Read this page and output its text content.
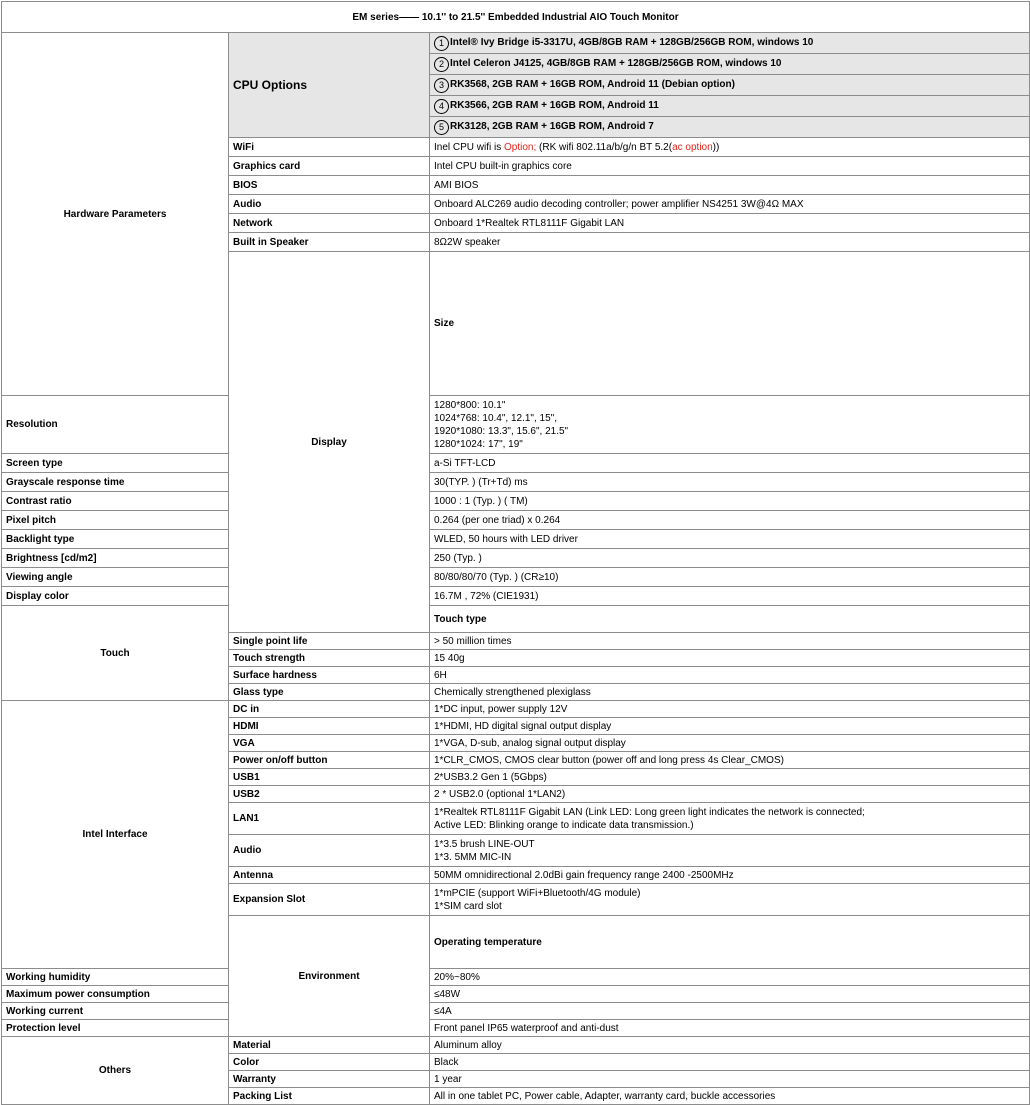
EM series—— 10.1'' to 21.5'' Embedded Industrial AIO Touch Monitor			
Hardware Parameters	CPU Options	1 Intel® Ivy Bridge i5-3317U, 4GB/8GB RAM + 128GB/256GB ROM, windows 10	
		2 Intel Celeron J4125, 4GB/8GB RAM + 128GB/256GB ROM, windows 10	
		3 RK3568, 2GB RAM + 16GB ROM, Android 11 (Debian option)	
		4 RK3566, 2GB RAM + 16GB ROM, Android 11	
		5 RK3128, 2GB RAM + 16GB ROM, Android 7	
	WiFi	Inel CPU wifi is Option; (RK wifi 802.11a/b/g/n BT 5.2(ac option))	
	Graphics card	Intel CPU built-in graphics core	
	BIOS	AMI BIOS	
	Audio	Onboard ALC269 audio decoding controller; power amplifier NS4251 3W@4Ω MAX	
	Network	Onboard 1*Realtek RTL8111F Gigabit LAN	
	Built in Speaker	8Ω2W speaker	
	Display	Size	
Resolution		1280*800: 10.1"
1024*768: 10.4", 12.1", 15",
1920*1080: 13.3", 15.6", 21.5"
1280*1024: 17", 19"	

Screen type		a-Si TFT-LCD	
Grayscale response time		30(TYP. ) (Tr+Td) ms	
Contrast ratio		1000 : 1 (Typ. ) ( TM)	
Pixel pitch		0.264 (per one triad) x 0.264	
Backlight type		WLED, 50 hours with LED driver	
Brightness [cd/m2]		250 (Typ. )	
Viewing angle		80/80/80/70 (Typ. ) (CR≥10)	
Display color		16.7M , 72% (CIE1931)	
Touch		Touch type	
	Single point life	> 50 million times	
	Touch strength	15 40g	
	Surface hardness	6H	
	Glass type	Chemically strengthened plexiglass	
Intel Interface	DC in	1*DC input, power supply 12V	
	HDMI	1*HDMI, HD digital signal output display	
	VGA	1*VGA, D-sub, analog signal output display	
	Power on/off button	1*CLR_CMOS, CMOS clear button (power off and long press 4s Clear_CMOS)	
	USB1	2*USB3.2 Gen 1 (5Gbps)	
	USB2	2 * USB2.0 (optional 1*LAN2)	
	LAN1	1*Realtek RTL8111F Gigabit LAN (Link LED: Long green light indicates the network is connected;
Active LED: Blinking orange to indicate data transmission.)	

	Audio	1*3.5 brush LINE-OUT
1*3. 5MM MIC-IN	

	Antenna	50MM omnidirectional 2.0dBi gain frequency range 2400 -2500MHz	
	Expansion Slot	1*mPCIE (support WiFi+Bluetooth/4G module)
1*SIM card slot	

	Environment	Operating temperature	
Working humidity		20%~80%	
Maximum power consumption		≤48W	
Working current		≤4A	
Protection level		Front panel IP65 waterproof and anti-dust	
Others	Material	Aluminum alloy	
	Color	Black	
	Warranty	1 year	
	Packing List	All in one tablet PC, Power cable, Adapter, warranty card, buckle accessories	
